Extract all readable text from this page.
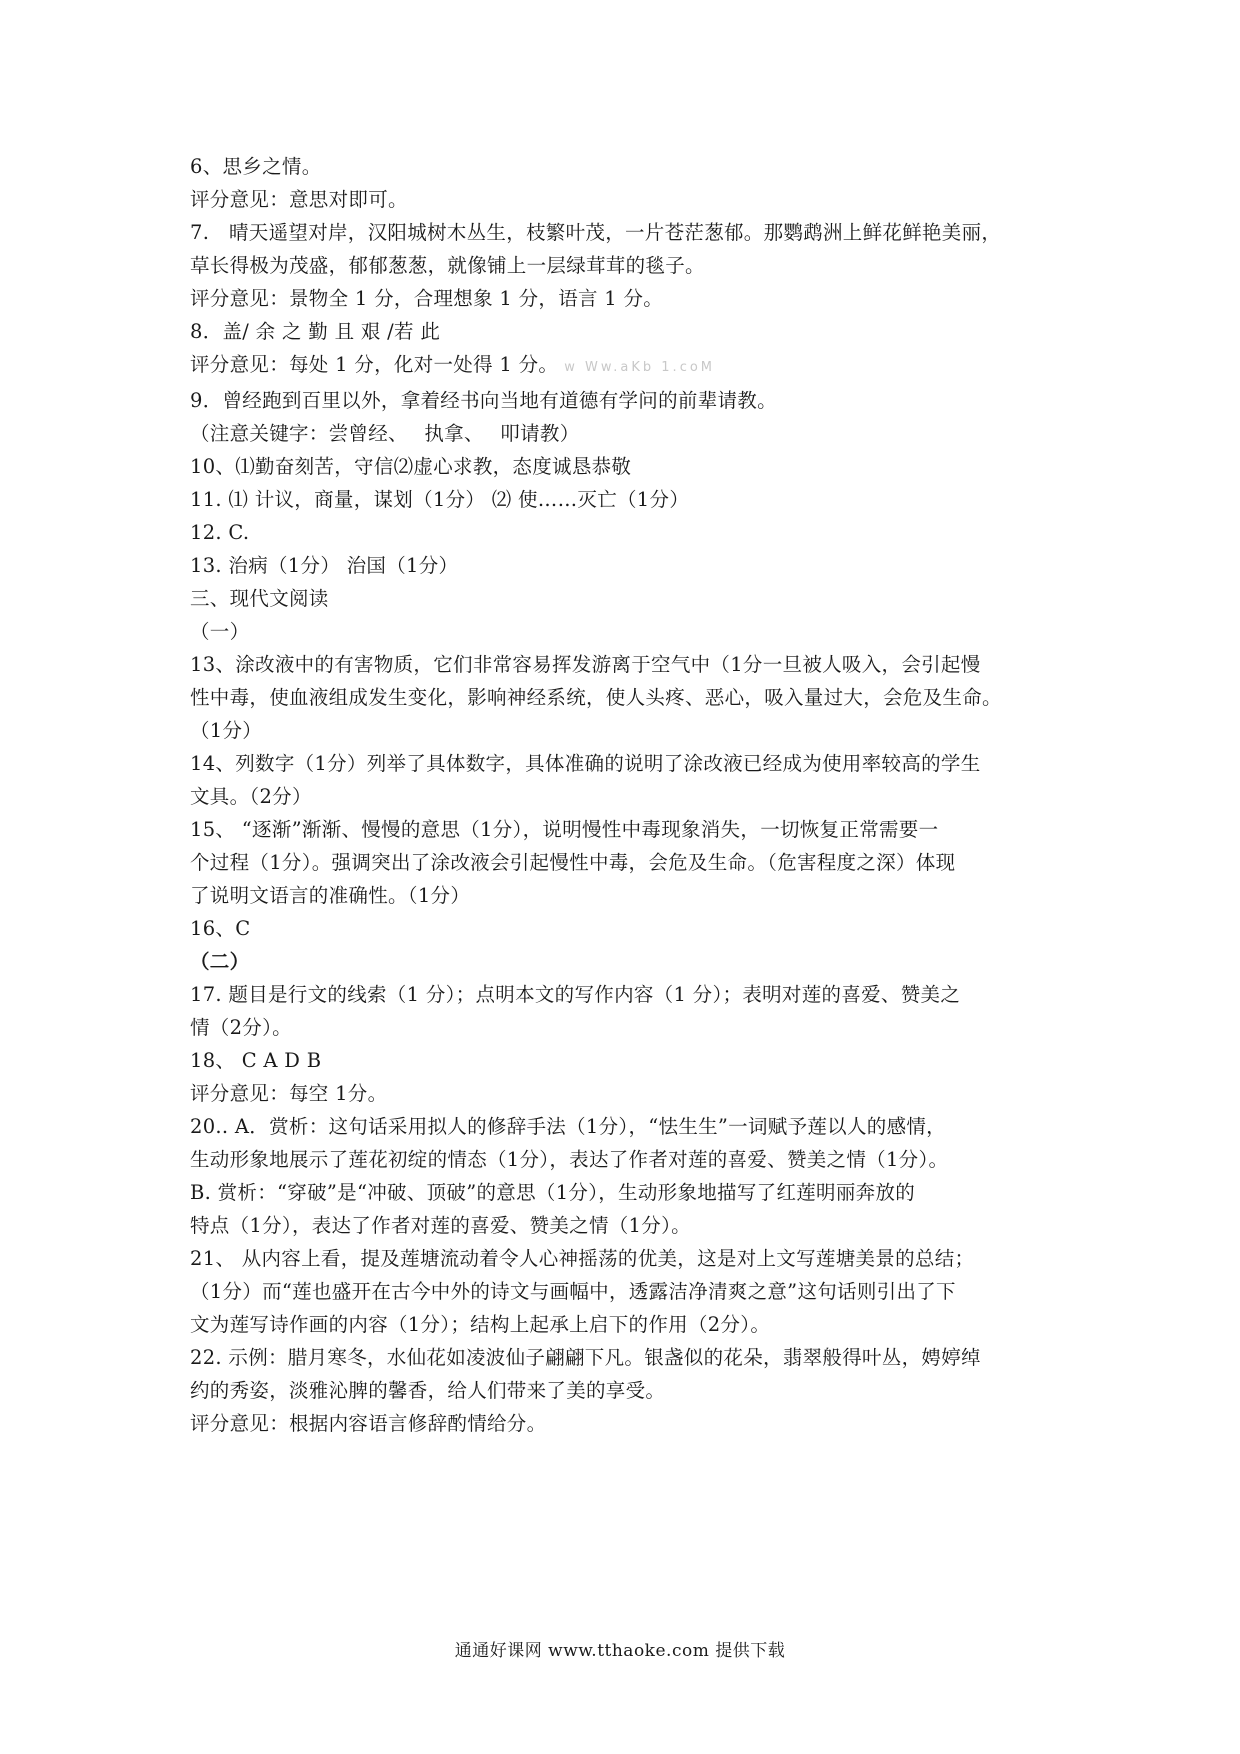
6、思乡之情。
评分意见：意思对即可。
7.　晴天遥望对岸，汉阳城树木丛生，枝繁叶茂，一片苍茫葱郁。那鹦鹉洲上鲜花鲜艳美丽，
草长得极为茂盛，郁郁葱葱，就像铺上一层绿茸茸的毯子。
评分意见：景物全 1 分，合理想象 1 分，语言 1 分。
8．盖/ 余 之 勤 且 艰 /若 此
评分意见：每处 1 分，化对一处得 1 分。 w Ww.aKb 1.coM
9．曾经跑到百里以外，拿着经书向当地有道德有学问的前辈请教。
（注意关键字：尝曾经、　 执拿、　 叩请教）
10、⑴勤奋刻苦，守信⑵虚心求教，态度诚恳恭敬
11. ⑴ 计议，商量，谋划（1分） ⑵ 使……灭亡（1分）
12. C.
13. 治病（1分） 治国（1分）
三、现代文阅读
（一）
13、涂改液中的有害物质，它们非常容易挥发游离于空气中（1分一旦被人吸入，会引起慢
性中毒，使血液组成发生变化，影响神经系统，使人头疼、恶心，吸入量过大，会危及生命。
（1分）
14、列数字（1分）列举了具体数字，具体准确的说明了涂改液已经成为使用率较高的学生
文具。（2分）
15、 “逐渐”渐渐、慢慢的意思（1分），说明慢性中毒现象消失，一切恢复正常需要一
个过程（1分）。强调突出了涂改液会引起慢性中毒，会危及生命。（危害程度之深）体现
了说明文语言的准确性。（1分）
16、C
（二）
17. 题目是行文的线索（1 分）；点明本文的写作内容（1 分）；表明对莲的喜爱、赞美之
情（2分）。
18、 C A D B
评分意见：每空 1分。
20.. A．赏析：这句话采用拟人的修辞手法（1分），“怯生生”一词赋予莲以人的感情，
生动形象地展示了莲花初绽的情态（1分），表达了作者对莲的喜爱、赞美之情（1分）。
B. 赏析：“穿破”是“冲破、顶破”的意思（1分），生动形象地描写了红莲明丽奔放的
特点（1分），表达了作者对莲的喜爱、赞美之情（1分）。
21、 从内容上看，提及莲塘流动着令人心神摇荡的优美，这是对上文写莲塘美景的总结；
（1分）而“莲也盛开在古今中外的诗文与画幅中，透露洁净清爽之意”这句话则引出了下
文为莲写诗作画的内容（1分）；结构上起承上启下的作用（2分）。
22. 示例：腊月寒冬，水仙花如凌波仙子翩翩下凡。银盏似的花朵，翡翠般得叶丛，娉婷绰
约的秀姿，淡雅沁脾的馨香，给人们带来了美的享受。
评分意见：根据内容语言修辞酌情给分。
通通好课网 www.tthaoke.com 提供下载
